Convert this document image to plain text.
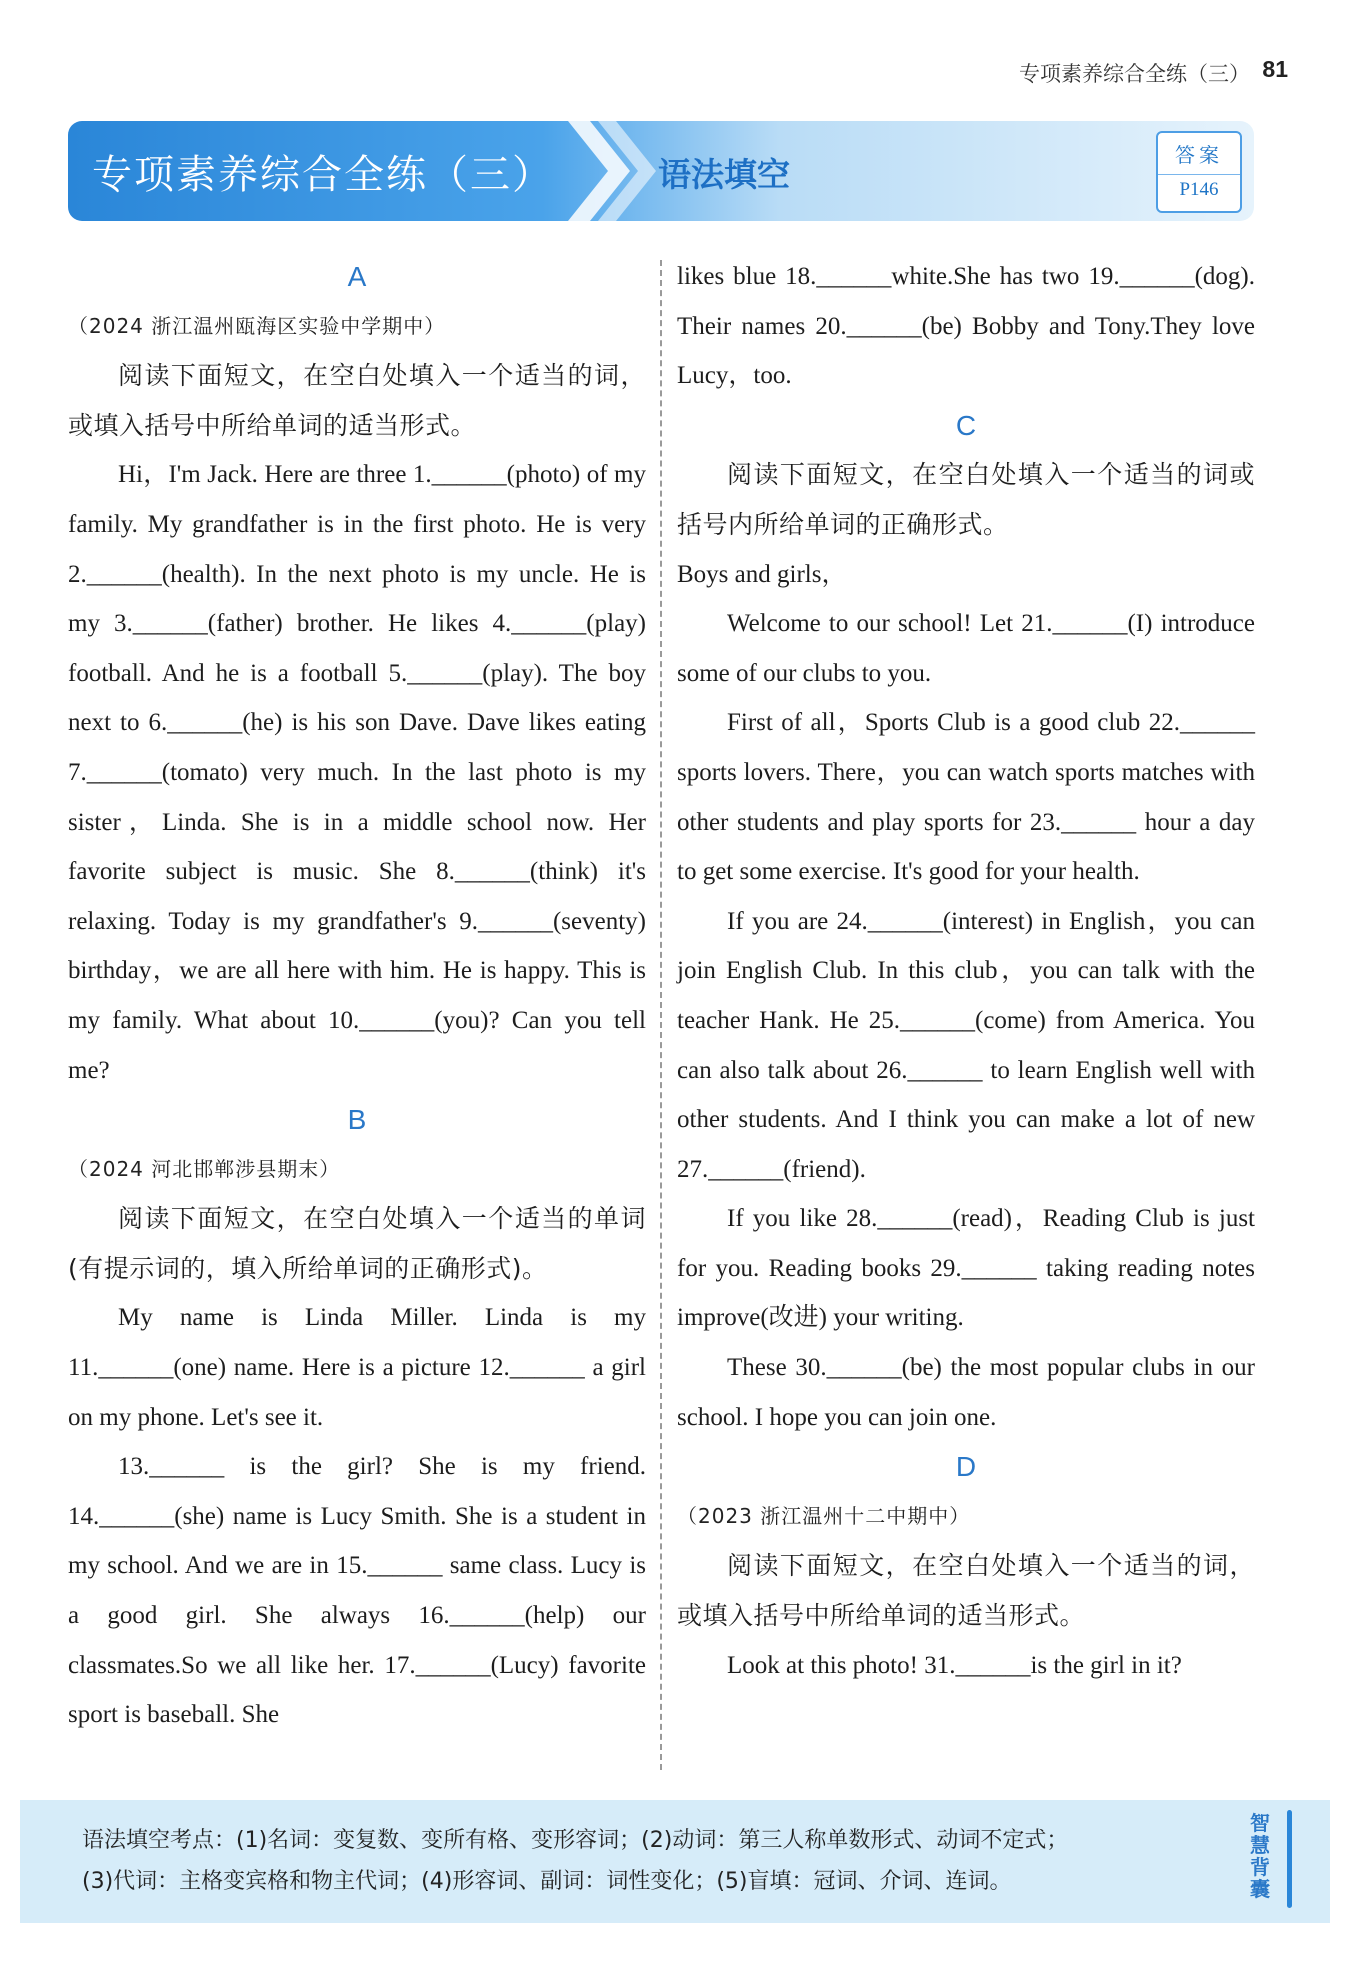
专项素养综合全练（三） 81
专项素养综合全练（三）	语法填空	答案
P146
A
（2024 浙江温州瓯海区实验中学期中）
阅读下面短文，在空白处填入一个适当的词，或填入括号中所给单词的适当形式。
Hi，I'm Jack. Here are three 1.______(photo) of my family. My grandfather is in the first photo. He is very 2.______(health). In the next photo is my uncle. He is my 3.______(father) brother. He likes 4.______(play) football. And he is a football 5.______(play). The boy next to 6.______(he) is his son Dave. Dave likes eating 7.______(tomato) very much. In the last photo is my sister，Linda. She is in a middle school now. Her favorite subject is music. She 8.______(think) it's relaxing. Today is my grandfather's 9.______(seventy) birthday，we are all here with him. He is happy. This is my family. What about 10.______(you)? Can you tell me?
B
（2024 河北邯郸涉县期末）
阅读下面短文，在空白处填入一个适当的单词(有提示词的，填入所给单词的正确形式)。
My name is Linda Miller. Linda is my 11.______(one) name. Here is a picture 12.______ a girl on my phone. Let's see it.
13.______ is the girl? She is my friend. 14.______(she) name is Lucy Smith. She is a student in my school. And we are in 15.______ same class. Lucy is a good girl. She always 16.______(help) our classmates.So we all like her. 17.______(Lucy) favorite sport is baseball. She
likes blue 18.______white.She has two 19.______(dog). Their names 20.______(be) Bobby and Tony.They love Lucy，too.
C
阅读下面短文，在空白处填入一个适当的词或括号内所给单词的正确形式。
Boys and girls，
Welcome to our school! Let 21.______(I) introduce some of our clubs to you.
First of all，Sports Club is a good club 22.______ sports lovers. There，you can watch sports matches with other students and play sports for 23.______ hour a day to get some exercise. It's good for your health.
If you are 24.______(interest) in English，you can join English Club. In this club，you can talk with the teacher Hank. He 25.______(come) from America. You can also talk about 26.______ to learn English well with other students. And I think you can make a lot of new 27.______(friend).
If you like 28.______(read)，Reading Club is just for you. Reading books 29.______ taking reading notes improve(改进) your writing.
These 30.______(be) the most popular clubs in our school. I hope you can join one.
D
（2023 浙江温州十二中期中）
阅读下面短文，在空白处填入一个适当的词，或填入括号中所给单词的适当形式。
Look at this photo! 31.______is the girl in it?
语法填空考点：(1)名词：变复数、变所有格、变形容词；(2)动词：第三人称单数形式、动词不定式；
(3)代词：主格变宾格和物主代词；(4)形容词、副词：词性变化；(5)盲填：冠词、介词、连词。
智慧背囊
